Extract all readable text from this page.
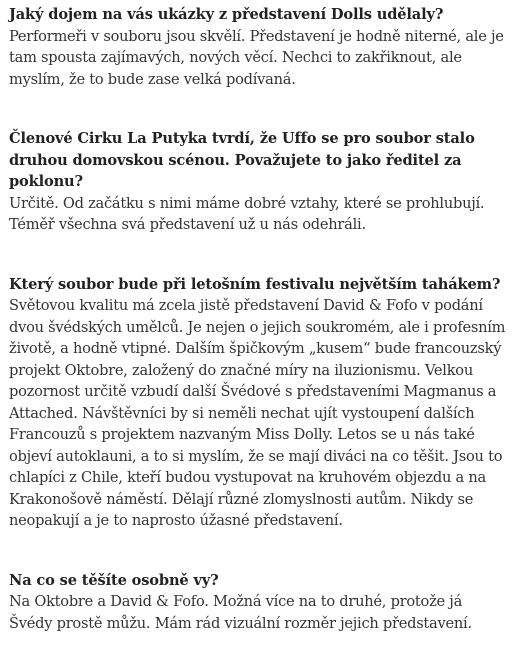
Jaký dojem na vás ukázky z představení Dolls udělaly?

Performeři v souboru jsou skvělí. Představení je hodně niterné, ale je tam spousta zajímavých, nových věcí. Nechci to zakřiknout, ale myslím, že to bude zase velká podívaná.

Členové Cirku La Putyka tvrdí, že Uffo se pro soubor stalo druhou domovskou scénou. Považujete to jako ředitel za poklonu?

Určitě. Od začátku s nimi máme dobré vztahy, které se prohlubují. Téměř všechna svá představení už u nás odehráli.

Který soubor bude při letošním festivalu největším tahákem?

Světovou kvalitu má zcela jistě představení David & Fofo v podání dvou švédských umělců. Je nejen o jejich soukromém, ale i profesním životě, a hodně vtipné. Dalším špičkovým „kusem“ bude francouzský projekt Oktobre, založený do značné míry na iluzionismu. Velkou pozornost určitě vzbudí další Švédové s představeními Magmanus a Attached. Návštěvníci by si neměli nechat ujít vystoupení dalších Francouzů s projektem nazvaným Miss Dolly. Letos se u nás také objeví autoklauni, a to si myslím, že se mají diváci na co těšit. Jsou to chlapíci z Chile, kteří budou vystupovat na kruhovém objezdu a na Krakonošově náměstí. Dělají různé zlomyslnosti autům. Nikdy se neopakují a je to naprosto úžasné představení.

Na co se těšíte osobně vy?

Na Oktobre a David & Fofo. Možná více na to druhé, protože já Švédy prostě můžu. Mám rád vizuální rozměr jejich představení.
